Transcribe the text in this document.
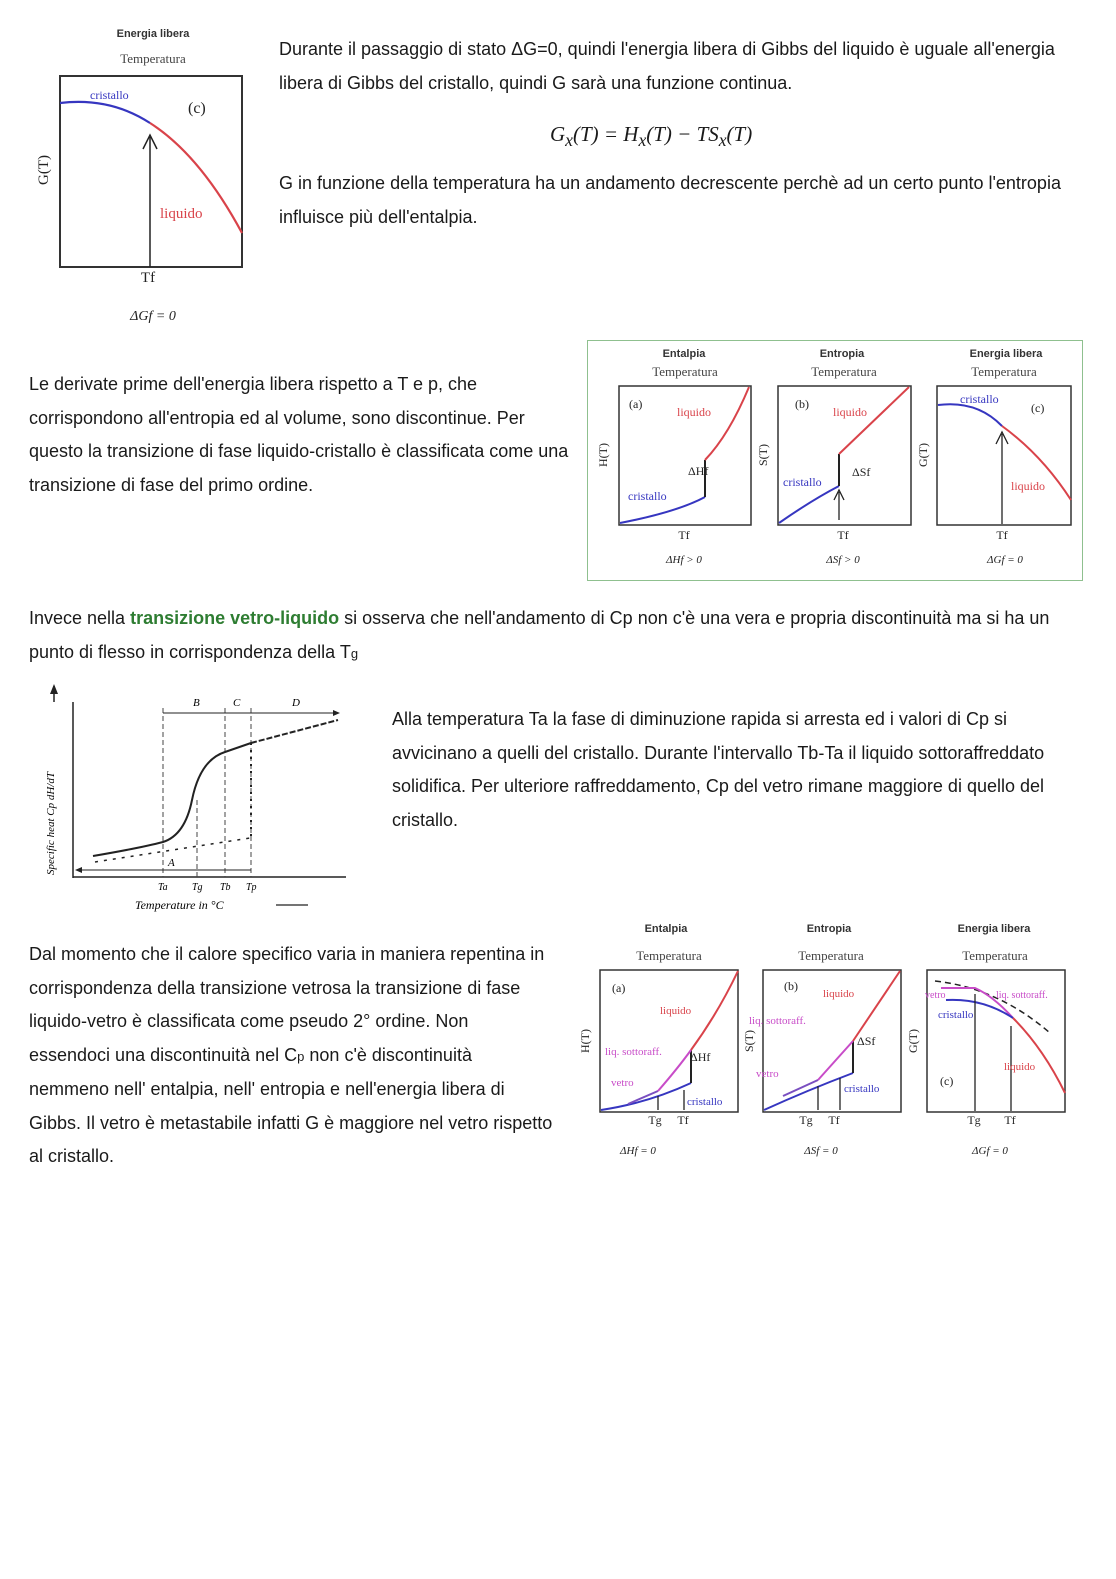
Durante il passaggio di stato ΔG=0, quindi l'energia libera di Gibbs del liquido è uguale all'energia libera di Gibbs del cristallo, quindi G sarà una funzione continua.

$G_x(T) = H_x(T) - TS_x(T)$

G in funzione della temperatura ha un andamento decrescente perchè ad un certo punto l'entropia influisce più dell'entalpia.

Le derivate prime dell'energia libera rispetto a T e p, che corrispondono all'entropia ed al volume, sono discontinue. Per questo la transizione di fase liquido-cristallo è classificata come una transizione di fase del primo ordine.

Invece nella transizione vetro-liquido si osserva che nell'andamento di Cp non c'è una vera e propria discontinuità ma si ha un punto di flesso in corrispondenza della Tg

Alla temperatura Ta la fase di diminuzione rapida si arresta ed i valori di Cp si avvicinano a quelli del cristallo. Durante l'intervallo Tb-Ta il liquido sottoraffreddato solidifica. Per ulteriore raffreddamento, Cp del vetro rimane maggiore di quello del cristallo.

Dal momento che il calore specifico varia in maniera repentina in corrispondenza della transizione vetrosa la transizione di fase liquido-vetro è classificata come pseudo 2° ordine. Non essendoci una discontinuità nel Cp non c'è discontinuità nemmeno nell' entalpia, nell' entropia e nell'energia libera di Gibbs. Il vetro è metastabile infatti G è maggiore nel vetro rispetto al cristallo.

Energia libera
Temperatura
cristallo
(c)
liquido
G(T)
Tf
ΔGf = 0
Entalpia
Temperatura
(a)
liquido
ΔHf
cristallo
H(T)
Tf
ΔHf > 0
Entropia
Temperatura
(b)
liquido
ΔSf
cristallo
S(T)
Tf
ΔSf > 0
Energia libera
Temperatura
cristallo
(c)
liquido
G(T)
Tf
ΔGf = 0
Specific heat Cp dH/dT
B	C	D
A
Ta Tg Tb Tp
Temperature in °C
Entalpia
Temperatura
(a)
liquido
liq. sottoraff. ΔHf
vetro
cristallo
H(T)
Tg Tf
ΔHf = 0
Entropia
Temperatura
(b)
liquido
liq. sottoraff.
ΔSf
vetro
cristallo
S(T)
Tg Tf
ΔSf = 0
Energia libera
Temperatura
vetro	liq. sottoraff.
cristallo
liquido
(c)
G(T)
Tg Tf
ΔGf = 0
